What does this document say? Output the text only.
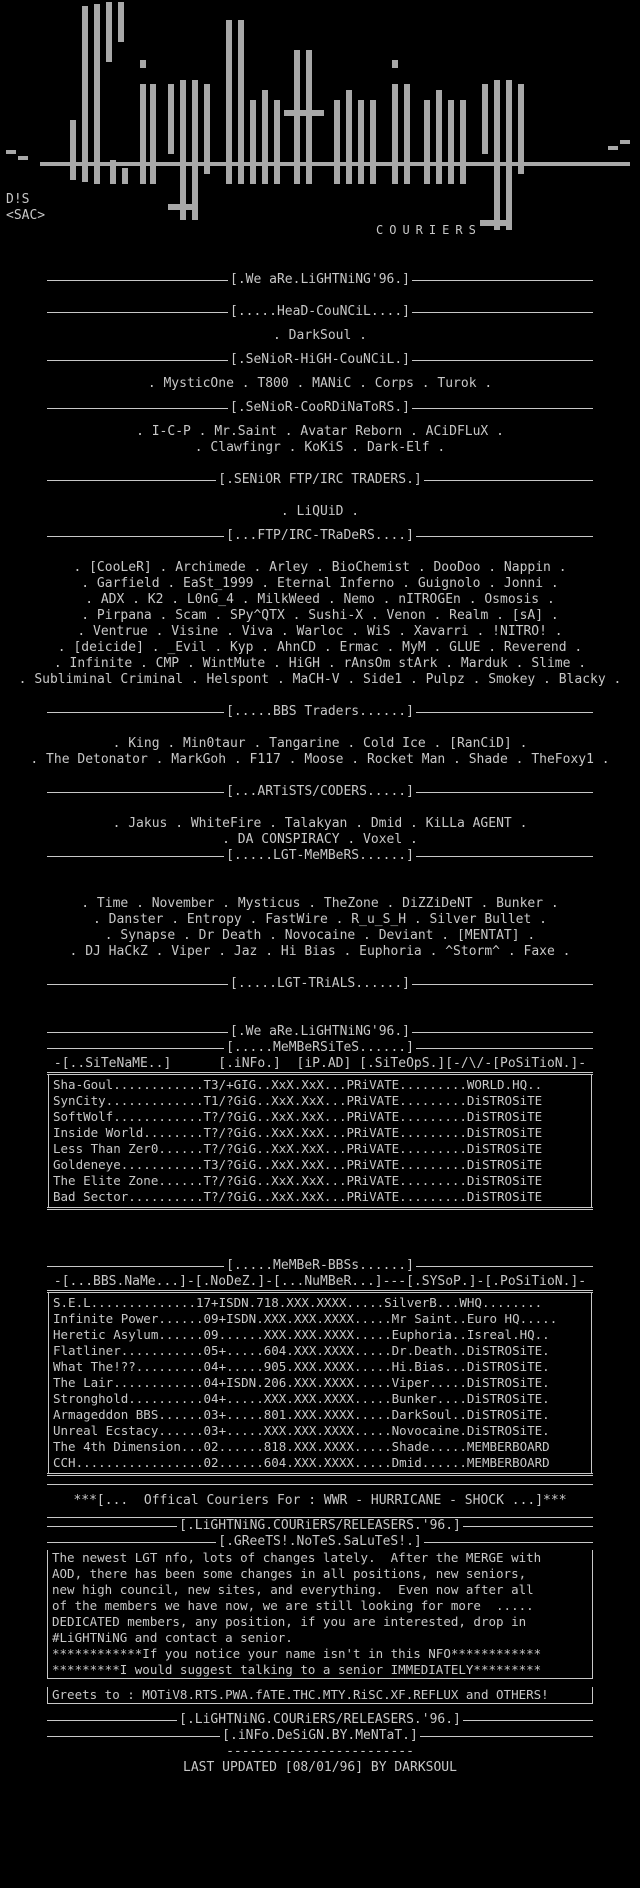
D!S
<SAC>
COURIERS
[.We aRe.LiGHTNiNG'96.]
[.....HeaD-CouNCiL....]
. DarkSoul .
[.SeNioR-HiGH-CouNCiL.]
. MysticOne . T800 . MANiC . Corps . Turok .
[.SeNioR-CooRDiNaToRS.]
. I-C-P . Mr.Saint . Avatar Reborn . ACiDFLuX .
. Clawfingr . KoKiS . Dark-Elf .
[.SENiOR FTP/IRC TRADERS.]
. LiQUiD .
[...FTP/IRC-TRaDeRS....]
. [CooLeR] . Archimede . Arley . BioChemist . DooDoo . Nappin .
. Garfield . EaSt_1999 . Eternal Inferno . Guignolo . Jonni .
. ADX . K2 . L0nG_4 . MilkWeed . Nemo . nITROGEn . Osmosis .
. Pirpana . Scam . SPy^QTX . Sushi-X . Venon . Realm . [sA] .
. Ventrue . Visine . Viva . Warloc . WiS . Xavarri . !NITRO! .
. [deicide] . _Evil . Kyp . AhnCD . Ermac . MyM . GLUE . Reverend .
. Infinite . CMP . WintMute . HiGH . rAnsOm stArk . Marduk . Slime .
. Subliminal Criminal . Helspont . MaCH-V . Side1 . Pulpz . Smokey . Blacky .
[.....BBS Traders......]
. King . Min0taur . Tangarine . Cold Ice . [RanCiD] .
. The Detonator . MarkGoh . F117 . Moose . Rocket Man . Shade . TheFoxy1 .
[...ARTiSTS/CODERS.....]
. Jakus . WhiteFire . Talakyan . Dmid . KiLLa AGENT .
. DA CONSPIRACY . Voxel .
[.....LGT-MeMBeRS......]
. Time . November . Mysticus . TheZone . DiZZiDeNT . Bunker .
. Danster . Entropy . FastWire . R_u_S_H . Silver Bullet .
. Synapse . Dr Death . Novocaine . Deviant . [MENTAT] .
. DJ HaCkZ . Viper . Jaz . Hi Bias . Euphoria . ^Storm^ . Faxe .
[.....LGT-TRiALS......]
[.We aRe.LiGHTNiNG'96.]
[.....MeMBeRSiTeS......]
-[..SiTeNaME..]      [.iNFo.]  [iP.AD] [.SiTeOpS.][-/\/-[PoSiTioN.]-
Sha-Goul............T3/+GIG..XxX.XxX...PRiVATE.........WORLD.HQ..
SynCity.............T1/?GiG..XxX.XxX...PRiVATE.........DiSTROSiTE
SoftWolf............T?/?GiG..XxX.XxX...PRiVATE.........DiSTROSiTE
Inside World........T?/?GiG..XxX.XxX...PRiVATE.........DiSTROSiTE
Less Than Zer0......T?/?GiG..XxX.XxX...PRiVATE.........DiSTROSiTE
Goldeneye...........T3/?GiG..XxX.XxX...PRiVATE.........DiSTROSiTE
The Elite Zone......T?/?GiG..XxX.XxX...PRiVATE.........DiSTROSiTE
Bad Sector..........T?/?GiG..XxX.XxX...PRiVATE.........DiSTROSiTE
[.....MeMBeR-BBSs......]
-[...BBS.NaMe...]-[.NoDeZ.]-[...NuMBeR...]---[.SYSoP.]-[.PoSiTioN.]-
S.E.L..............17+ISDN.718.XXX.XXXX.....SilverB...WHQ........
Infinite Power......09+ISDN.XXX.XXX.XXXX.....Mr Saint..Euro HQ.....
Heretic Asylum......09......XXX.XXX.XXXX.....Euphoria..Isreal.HQ..
Flatliner...........05+.....604.XXX.XXXX.....Dr.Death..DiSTROSiTE.
What The!??.........04+.....905.XXX.XXXX.....Hi.Bias...DiSTROSiTE.
The Lair............04+ISDN.206.XXX.XXXX.....Viper.....DiSTROSiTE.
Stronghold..........04+.....XXX.XXX.XXXX.....Bunker....DiSTROSiTE.
Armageddon BBS......03+.....801.XXX.XXXX.....DarkSoul..DiSTROSiTE.
Unreal Ecstacy......03+.....XXX.XXX.XXXX.....Novocaine.DiSTROSiTE.
The 4th Dimension...02......818.XXX.XXXX.....Shade.....MEMBERBOARD
CCH.................02......604.XXX.XXXX.....Dmid......MEMBERBOARD
***[...  Offical Couriers For : WWR - HURRICANE - SHOCK ...]***
[.LiGHTNiNG.COURiERS/RELEASERS.'96.]
[.GReeTS!.NoTeS.SaLuTeS!.]
The newest LGT nfo, lots of changes lately.  After the MERGE with
AOD, there has been some changes in all positions, new seniors,
new high council, new sites, and everything.  Even now after all
of the members we have now, we are still looking for more  .....
DEDICATED members, any position, if you are interested, drop in
#LiGHTNiNG and contact a senior.
************If you notice your name isn't in this NFO************
*********I would suggest talking to a senior IMMEDIATELY*********
Greets to : MOTiV8.RTS.PWA.fATE.THC.MTY.RiSC.XF.REFLUX and OTHERS!
[.LiGHTNiNG.COURiERS/RELEASERS.'96.]
[.iNFo.DeSiGN.BY.MeNTaT.]
------------------------
LAST UPDATED [08/01/96] BY DARKSOUL
